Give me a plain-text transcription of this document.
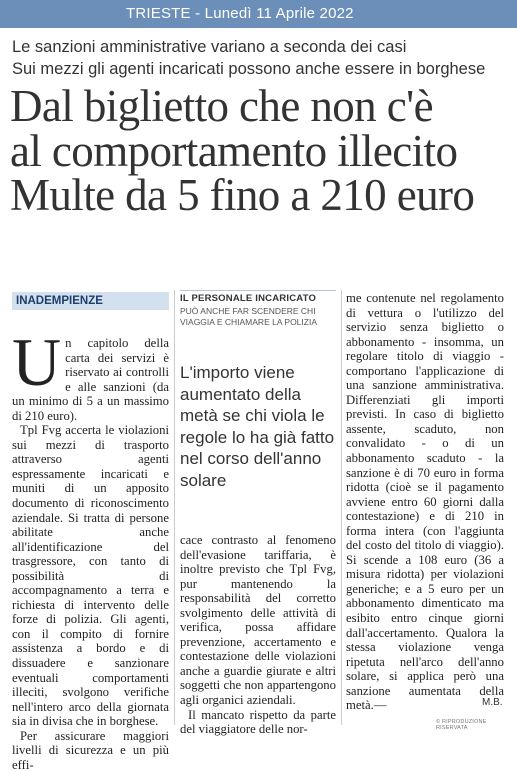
TRIESTE - Lunedì 11 Aprile 2022
Le sanzioni amministrative variano a seconda dei casi
Sui mezzi gli agenti incaricati possono anche essere in borghese
Dal biglietto che non c'è
al comportamento illecito
Multe da 5 fino a 210 euro
INADEMPIENZE
U n capitolo della carta dei servizi è riservato ai controlli e alle sanzioni (da un minimo di 5 a un massimo di 210 euro).

Tpl Fvg accerta le violazioni sui mezzi di trasporto attraverso agenti espressamente incaricati e muniti di un apposito documento di riconoscimento aziendale. Si tratta di persone abilitate anche all'identificazione del trasgressore, con tanto di possibilità di accompagnamento a terra e richiesta di intervento delle forze di polizia. Gli agenti, con il compito di fornire assistenza a bordo e di dissuadere e sanzionare eventuali comportamenti illeciti, svolgono verifiche nell'intero arco della giornata sia in divisa che in borghese.

Per assicurare maggiori livelli di sicurezza e un più effi-

IL PERSONALE INCARICATO
PUÒ ANCHE FAR SCENDERE CHI VIAGGIA E CHIAMARE LA POLIZIA
L'importo viene aumentato della metà se chi viola le regole lo ha già fatto nel corso dell'anno solare

cace contrasto al fenomeno dell'evasione tariffaria, è inoltre previsto che Tpl Fvg, pur mantenendo la responsabilità del corretto svolgimento delle attività di verifica, possa affidare prevenzione, accertamento e contestazione delle violazioni anche a guardie giurate e altri soggetti che non appartengono agli organici aziendali.

Il mancato rispetto da parte del viaggiatore delle nor-

me contenute nel regolamento di vettura o l'utilizzo del servizio senza biglietto o abbonamento - insomma, un regolare titolo di viaggio - comportano l'applicazione di una sanzione amministrativa. Differenziati gli importi previsti. In caso di biglietto assente, scaduto, non convalidato - o di un abbonamento scaduto - la sanzione è di 70 euro in forma ridotta (cioè se il pagamento avviene entro 60 giorni dalla contestazione) e di 210 in forma intera (con l'aggiunta del costo del titolo di viaggio). Si scende a 108 euro (36 a misura ridotta) per violazioni generiche; e a 5 euro per un abbonamento dimenticato ma esibito entro cinque giorni dall'accertamento. Qualora la stessa violazione venga ripetuta nell'arco dell'anno solare, si applica però una sanzione aumentata della metà.—	M.B.
© RIPRODUZIONE RISERVATA
